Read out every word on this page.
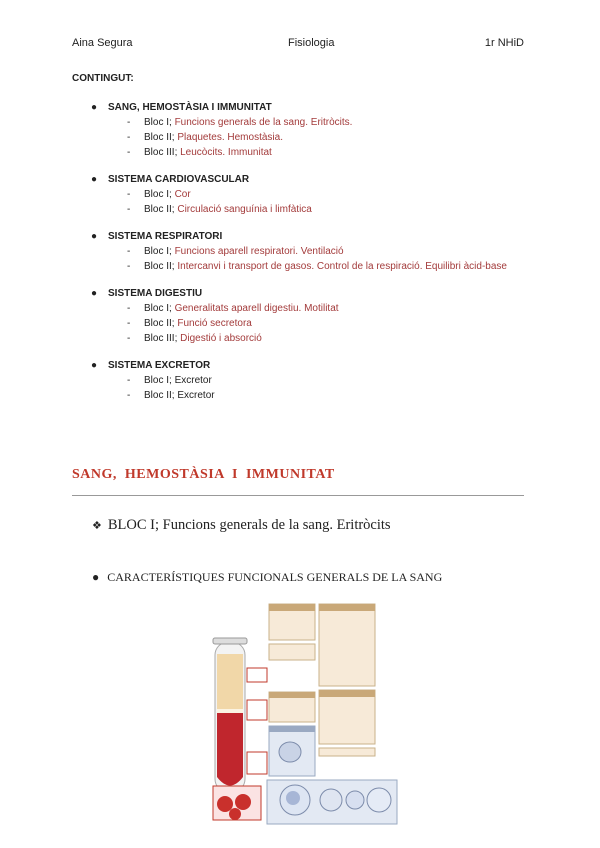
Aina Segura	Fisiologia	1r NHiD
CONTINGUT:
● SANG, HEMOSTÀSIA I IMMUNITAT
- Bloc I; Funcions generals de la sang. Eritròcits.
- Bloc II; Plaquetes. Hemostàsia.
- Bloc III; Leucòcits. Immunitat
● SISTEMA CARDIOVASCULAR
- Bloc I; Cor
- Bloc II; Circulació sanguínia i limfàtica
● SISTEMA RESPIRATORI
- Bloc I; Funcions aparell respiratori. Ventilació
- Bloc II; Intercanvi i transport de gasos. Control de la respiració. Equilibri àcid-base
● SISTEMA DIGESTIU
- Bloc I; Generalitats aparell digestiu. Motilitat
- Bloc II; Funció secretora
- Bloc III; Digestió i absorció
● SISTEMA EXCRETOR
- Bloc I; Excretor
- Bloc II; Excretor
SANG, HEMOSTÀSIA I IMMUNITAT
❖ BLOC I; Funcions generals de la sang. Eritròcits
● CARACTERÍSTIQUES FUNCIONALS GENERALS DE LA SANG
